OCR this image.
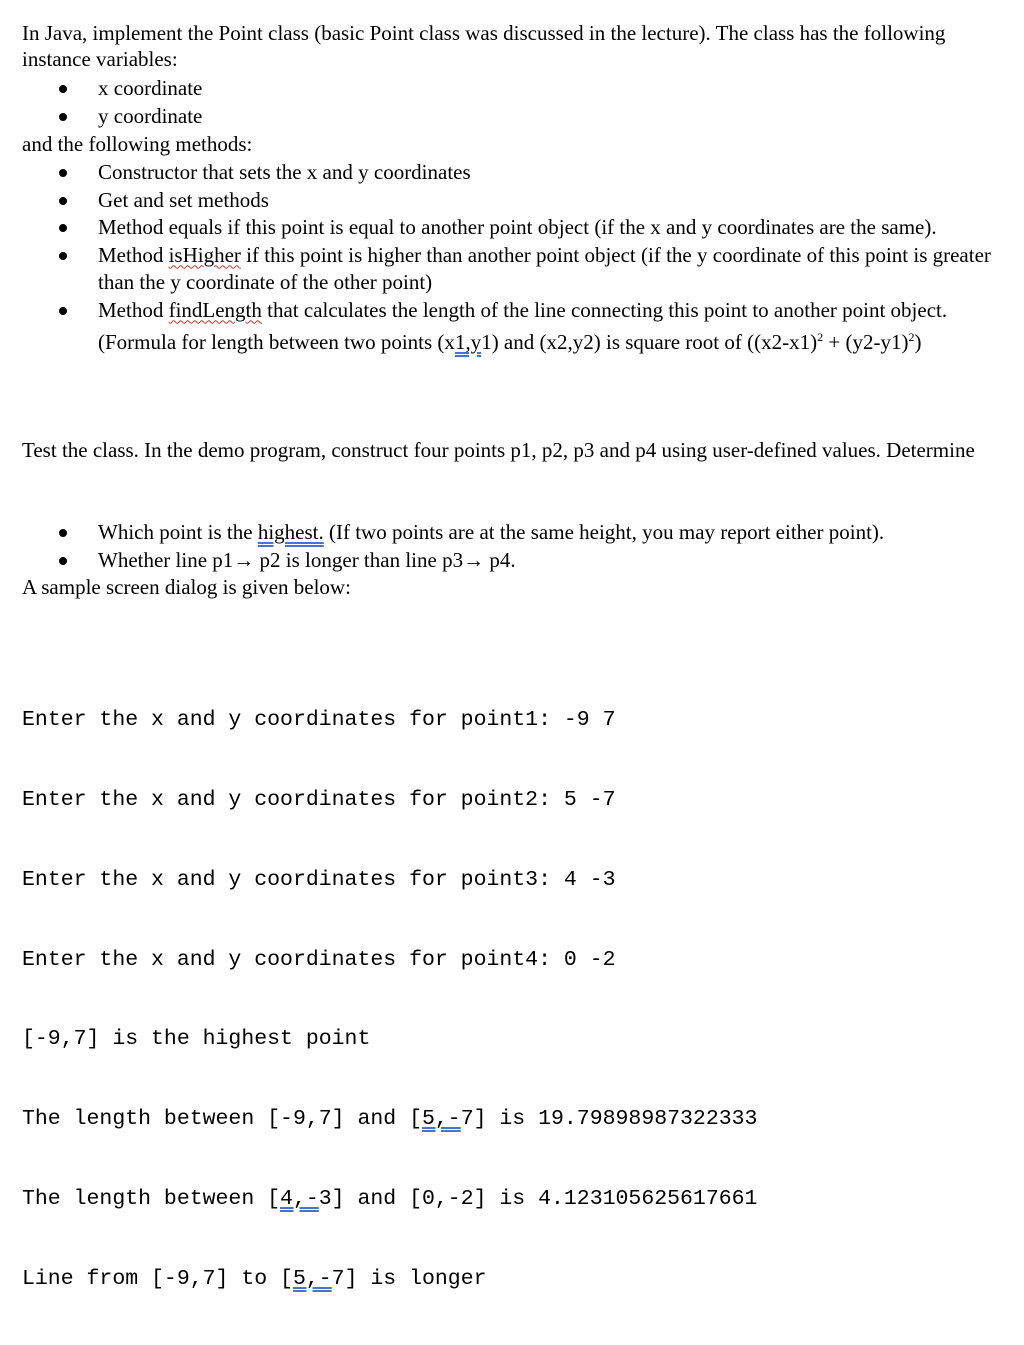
In Java, implement the Point class (basic Point class was discussed in the lecture). The class has the following instance variables:

x coordinate
y coordinate

and the following methods:

Constructor that sets the x and y coordinates
Get and set methods
Method equals if this point is equal to another point object (if the x and y coordinates are the same).
Method isHigher if this point is higher than another point object (if the y coordinate of this point is greater than the y coordinate of the other point)
Method findLength that calculates the length of the line connecting this point to another point object. (Formula for length between two points (x1,y1) and (x2,y2) is square root of $((x2-x1)^2 + (y2-y1)^2)$

Test the class. In the demo program, construct four points p1, p2, p3 and p4 using user-defined values. Determine

Which point is the highest. (If two points are at the same height, you may report either point).
Whether line p1→ p2 is longer than line p3→ p4.

A sample screen dialog is given below:

Enter the x and y coordinates for point1: -9 7

Enter the x and y coordinates for point2: 5 -7

Enter the x and y coordinates for point3: 4 -3

Enter the x and y coordinates for point4: 0 -2

[-9,7] is the highest point

The length between [-9,7] and [5,-7] is 19.79898987322333

The length between [4,-3] and [0,-2] is 4.123105625617661

Line from [-9,7] to [5,-7] is longer
